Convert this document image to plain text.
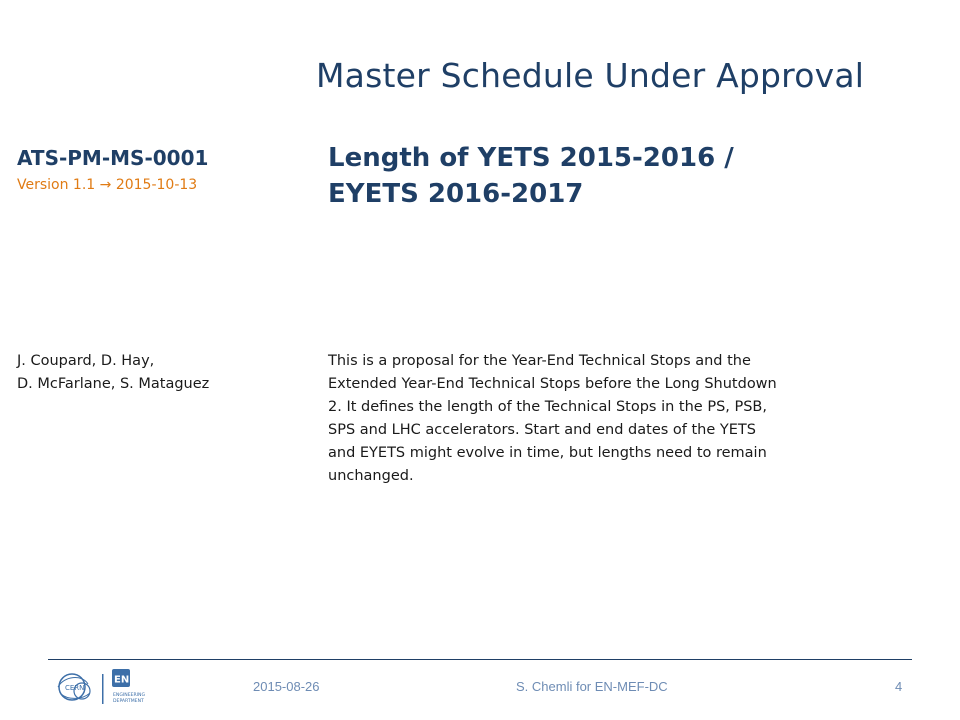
Master Schedule Under Approval
ATS-PM-MS-0001
Version 1.1 → 2015-10-13
Length of YETS 2015-2016 /
EYETS 2016-2017
J. Coupard, D. Hay,
D. McFarlane, S. Mataguez
This is a proposal for the Year-End Technical Stops and the
Extended Year-End Technical Stops before the Long Shutdown
2. It defines the length of the Technical Stops in the PS, PSB,
SPS and LHC accelerators. Start and end dates of the YETS
and EYETS might evolve in time, but lengths need to remain
unchanged.
CERN
EN
ENGINEERING
DEPARTMENT
2015-08-26	S. Chemli for EN-MEF-DC	4
